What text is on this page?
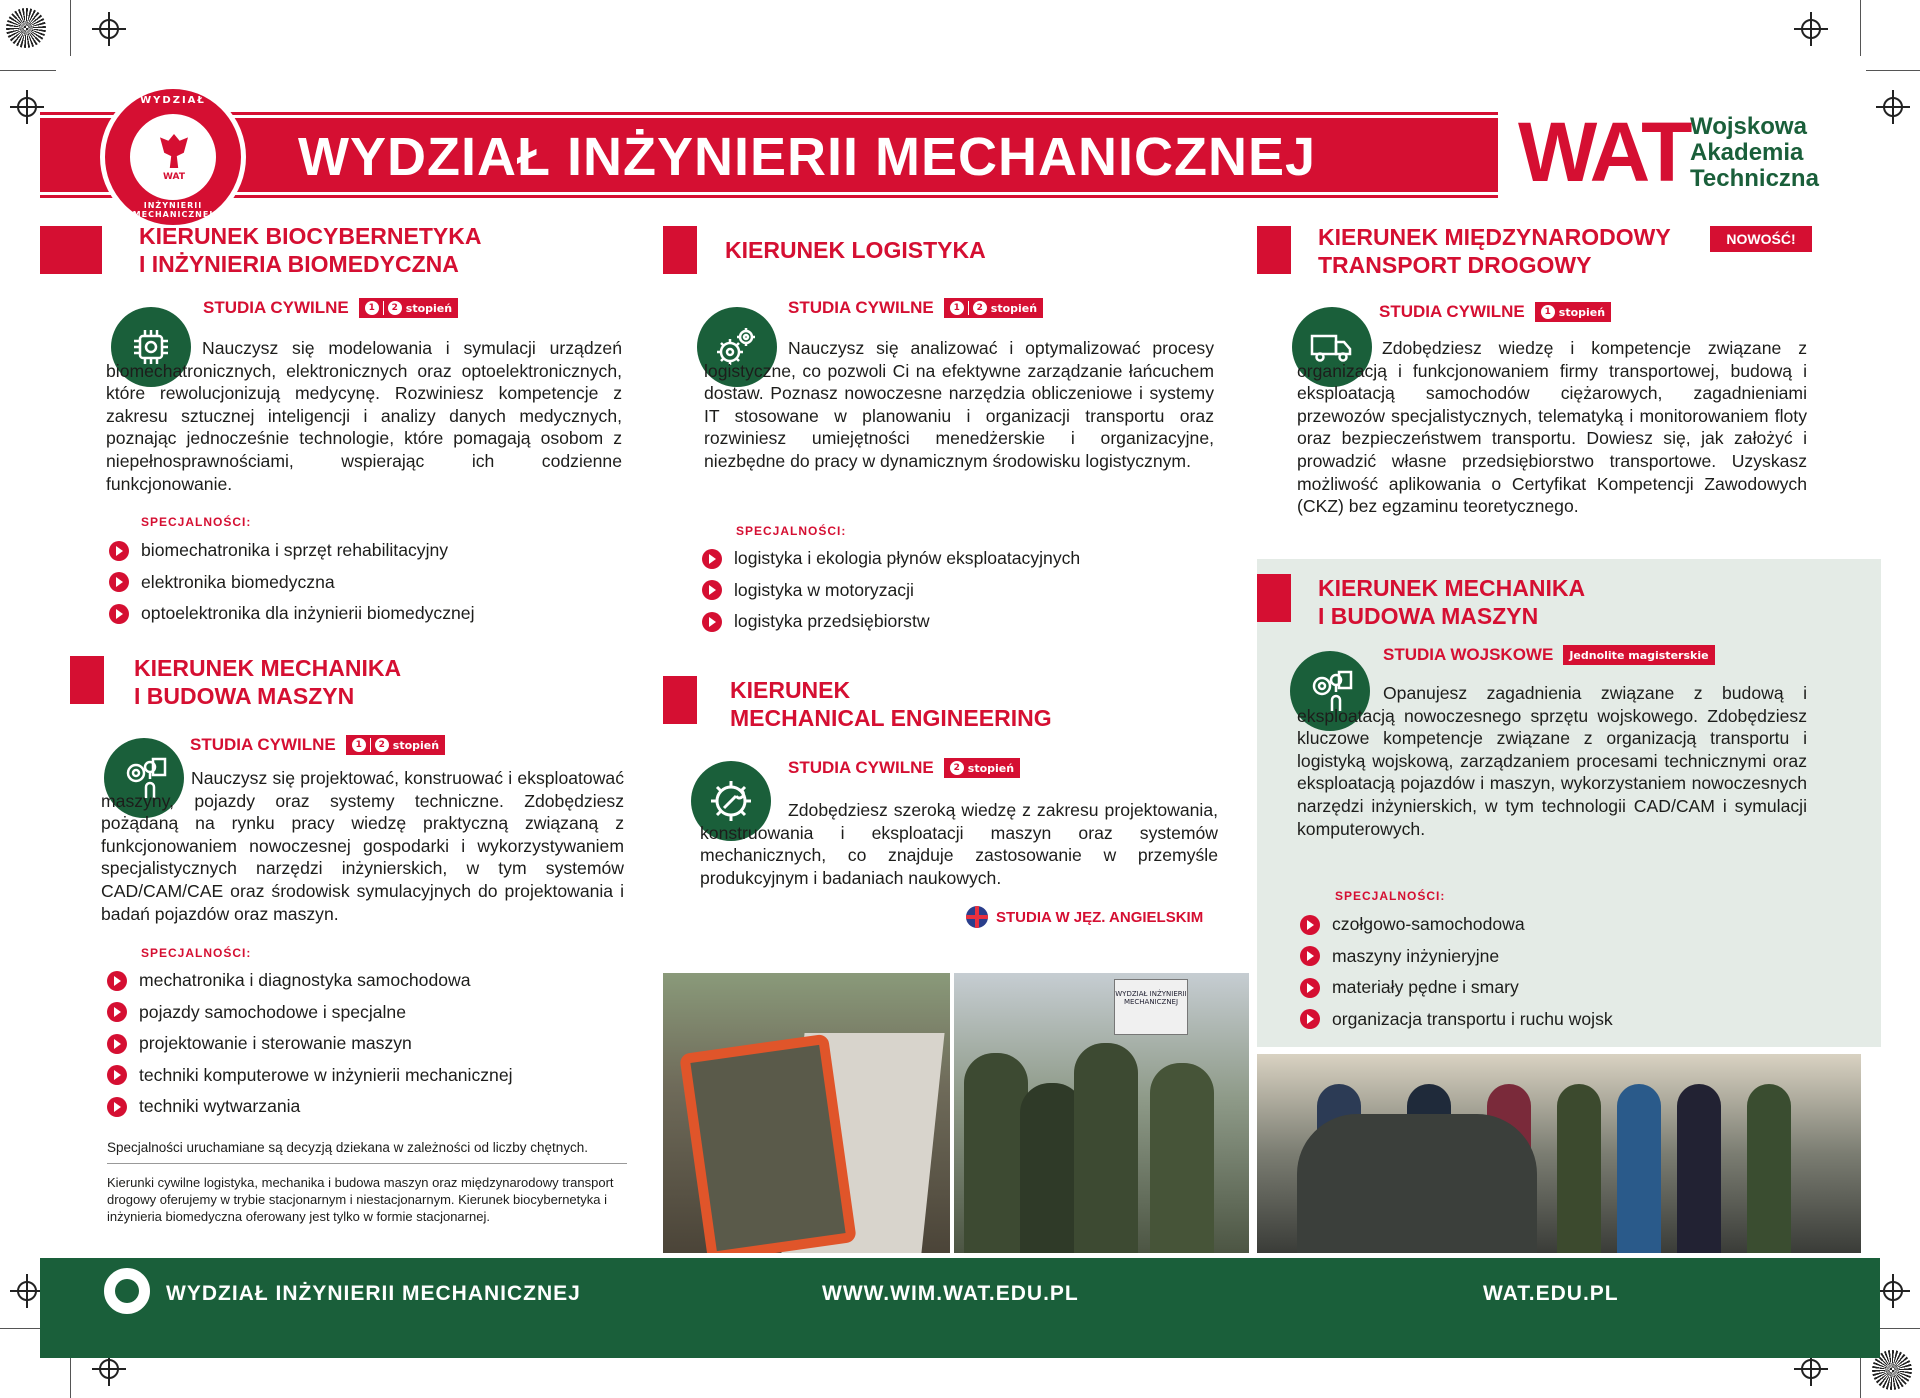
WYDZIAŁ
WAT
INŻYNIERII MECHANICZNEJ
WYDZIAŁ INŻYNIERII MECHANICZNEJ WAT Wojskowa
Akademia
Techniczna
KIERUNEK BIOCYBERNETYKA
I INŻYNIERIA BIOMEDYCZNA
STUDIA CYWILNE	1	2 stopień
Nauczysz się modelowania i symulacji urządzeń biomechatronicznych, elektronicznych oraz optoelektronicznych, które rewolucjonizują medycynę. Rozwiniesz kompetencje z zakresu sztucznej inteligencji i analizy danych medycznych, poznając jednocześnie technologie, które pomagają osobom z niepełnosprawnościami, wspierając ich codzienne funkcjonowanie.
SPECJALNOŚCI:
biomechatronika i sprzęt rehabilitacyjny
elektronika biomedyczna
optoelektronika dla inżynierii biomedycznej
KIERUNEK MECHANIKA
I BUDOWA MASZYN
STUDIA CYWILNE	1	2 stopień
Nauczysz się projektować, konstruować i eksploatować maszyny, pojazdy oraz systemy techniczne. Zdobędziesz pożądaną na rynku pracy wiedzę praktyczną związaną z funkcjonowaniem nowoczesnej gospodarki i wykorzystywaniem specjalistycznych narzędzi inżynierskich, w tym systemów CAD/CAM/CAE oraz środowisk symulacyjnych do projektowania i badań pojazdów oraz maszyn.
SPECJALNOŚCI:
mechatronika i diagnostyka samochodowa
pojazdy samochodowe i specjalne
projektowanie i sterowanie maszyn
techniki komputerowe w inżynierii mechanicznej
techniki wytwarzania
Specjalności uruchamiane są decyzją dziekana w zależności od liczby chętnych.
Kierunki cywilne logistyka, mechanika i budowa maszyn oraz międzynarodowy transport drogowy oferujemy w trybie stacjonarnym i niestacjonarnym. Kierunek biocybernetyka i inżynieria biomedyczna oferowany jest tylko w formie stacjonarnej.
KIERUNEK LOGISTYKA
STUDIA CYWILNE	1	2 stopień
Nauczysz się analizować i optymalizować procesy logistyczne, co pozwoli Ci na efektywne zarządzanie łańcuchem dostaw. Poznasz nowoczesne narzędzia obliczeniowe i systemy IT stosowane w planowaniu i organizacji transportu oraz rozwiniesz umiejętności menedżerskie i organizacyjne, niezbędne do pracy w dynamicznym środowisku logistycznym.
SPECJALNOŚCI:
logistyka i ekologia płynów eksploatacyjnych
logistyka w motoryzacji
logistyka przedsiębiorstw
KIERUNEK
MECHANICAL ENGINEERING
STUDIA CYWILNE	2 stopień
Zdobędziesz szeroką wiedzę z zakresu projektowania, konstruowania i eksploatacji maszyn oraz systemów mechanicznych, co znajduje zastosowanie w przemyśle produkcyjnym i badaniach naukowych.
STUDIA W JĘZ. ANGIELSKIM
WYDZIAŁ INŻYNIERII MECHANICZNEJ
KIERUNEK MIĘDZYNARODOWY
TRANSPORT DROGOWY
NOWOŚĆ!
STUDIA CYWILNE	1 stopień
Zdobędziesz wiedzę i kompetencje związane z organizacją i funkcjonowaniem firmy transportowej, budową i eksploatacją samochodów ciężarowych, zagadnieniami przewozów specjalistycznych, telematyką i monitorowaniem floty oraz bezpieczeństwem transportu. Dowiesz się, jak założyć i prowadzić własne przedsiębiorstwo transportowe. Uzyskasz możliwość aplikowania o Certyfikat Kompetencji Zawodowych (CKZ) bez egzaminu teoretycznego.
KIERUNEK MECHANIKA
I BUDOWA MASZYN
STUDIA WOJSKOWE	Jednolite magisterskie
Opanujesz zagadnienia związane z budową i eksploatacją nowoczesnego sprzętu wojskowego. Zdobędziesz kluczowe kompetencje związane z organizacją transportu i logistyką wojskową, zarządzaniem procesami technicznymi oraz eksploatacją pojazdów i maszyn, wykorzystaniem nowoczesnych narzędzi inżynierskich, w tym technologii CAD/CAM i symulacji komputerowych.
SPECJALNOŚCI:
czołgowo-samochodowa
maszyny inżynieryjne
materiały pędne i smary
organizacja transportu i ruchu wojsk
WYDZIAŁ INŻYNIERII MECHANICZNEJ	WWW.WIM.WAT.EDU.PL	WAT.EDU.PL
